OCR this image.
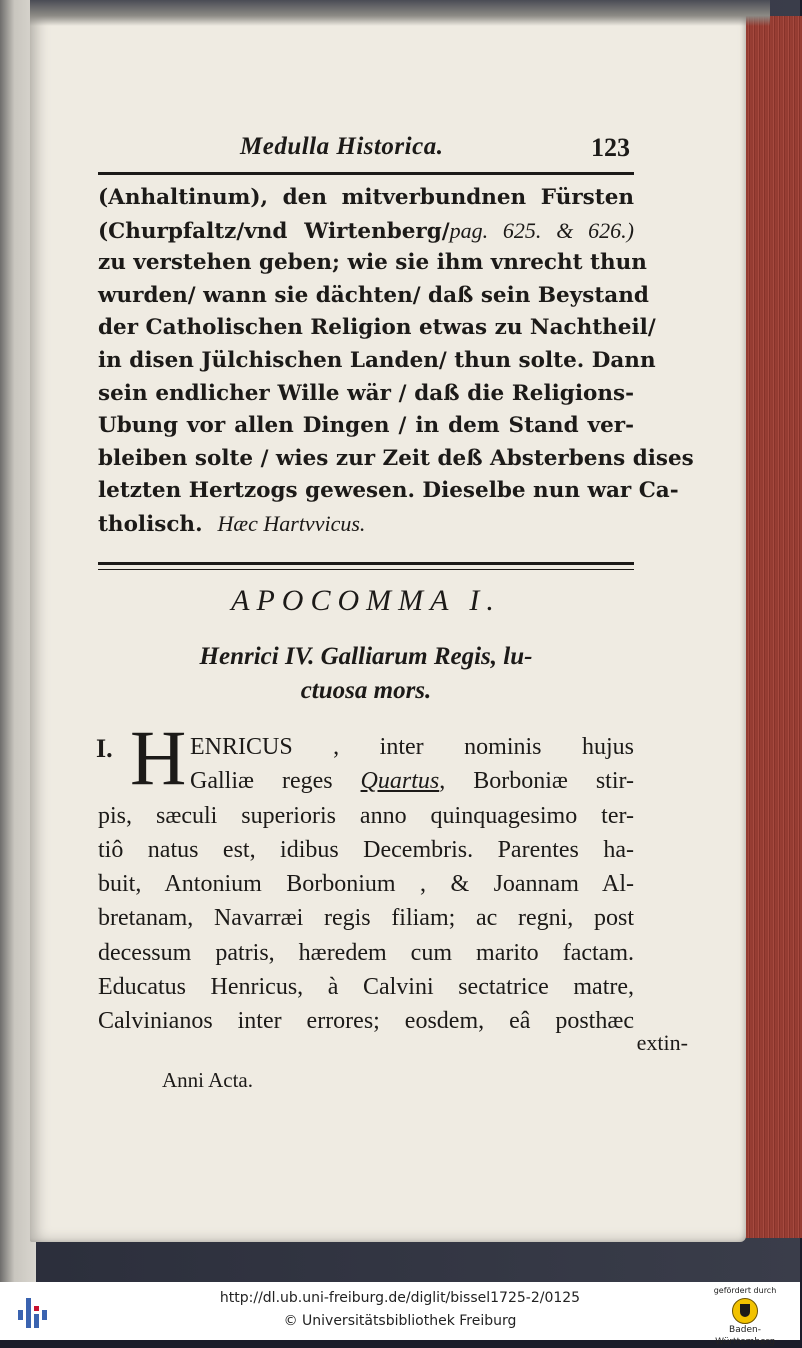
Medulla Historica.	123
(Anhaltinum), den mitverbundnen Fürsten
(Churpfaltz/vnd Wirtenberg/pag. 625. & 626.)
zu verstehen geben; wie sie ihm vnrecht thun
wurden/ wann sie dächten/ daß sein Beystand
der Catholischen Religion etwas zu Nachtheil/
in disen Jülchischen Landen/ thun solte. Dann
sein endlicher Wille wär / daß die Religions-
Ubung vor allen Dingen / in dem Stand ver-
bleiben solte / wies zur Zeit deß Absterbens dises
letzten Hertzogs gewesen. Dieselbe nun war Ca-
tholisch. Hæc Hartvvicus.
APOCOMMA I.
Henrici IV. Galliarum Regis, lu-
ctuosa mors.
I. H ENRICUS , inter nominis hujus
Galliæ reges Quartus, Borboniæ stir-
pis, sæculi superioris anno quinquagesimo ter-
tiô natus est, idibus Decembris. Parentes ha-
buit, Antonium Borbonium , & Joannam Al-
bretanam, Navarræi regis filiam; ac regni, post
decessum patris, hæredem cum marito factam.
Educatus Henricus, à Calvini sectatrice matre,
Calvinianos inter errores; eosdem, eâ posthæc
extin-
Anni Acta.
http://dl.ub.uni-freiburg.de/diglit/bissel1725-2/0125
© Universitätsbibliothek Freiburg
gefördert durch
Baden-Württemberg
